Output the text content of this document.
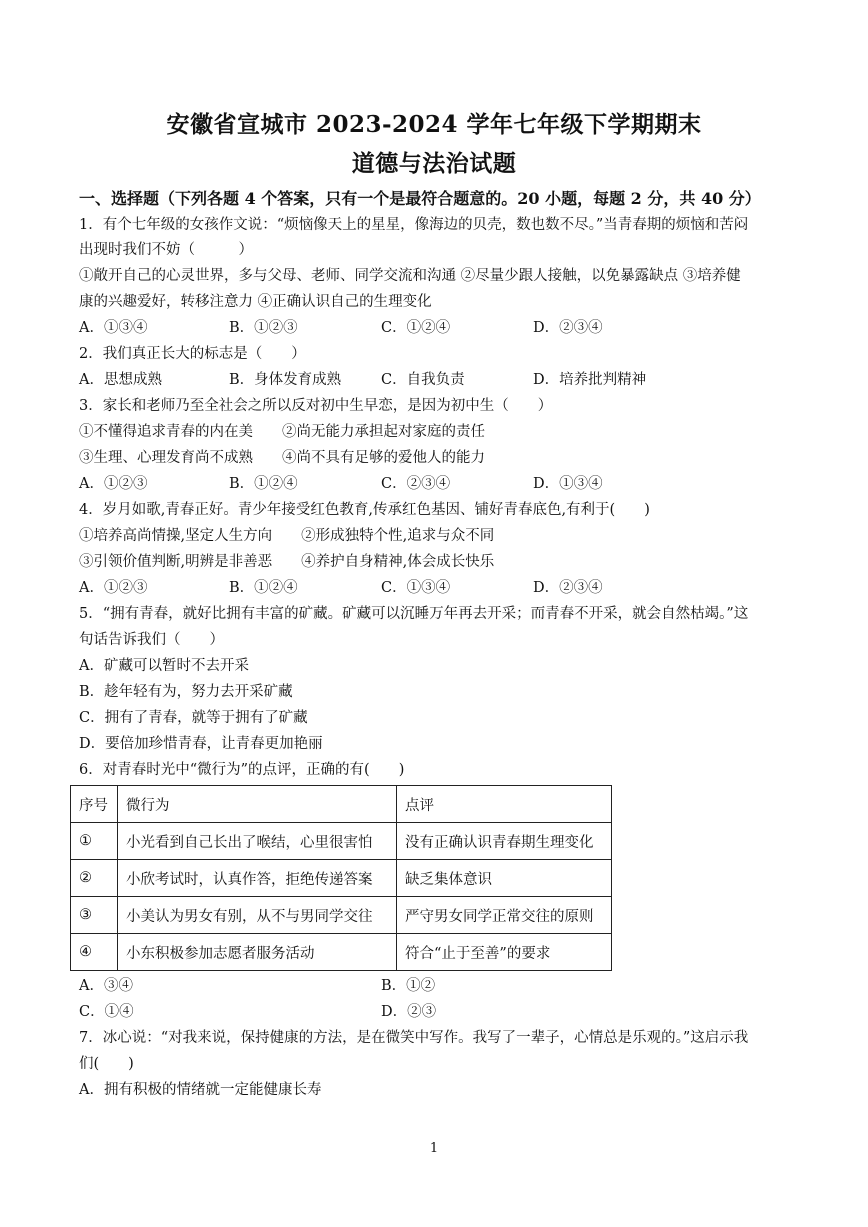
安徽省宣城市 2023-2024 学年七年级下学期期末
道德与法治试题
一、选择题（下列各题 4 个答案，只有一个是最符合题意的。20 小题，每题 2 分，共 40 分）
1．有个七年级的女孩作文说：“烦恼像天上的星星，像海边的贝壳，数也数不尽。”当青春期的烦恼和苦闷
出现时我们不妨（　　　）
①敞开自己的心灵世界，多与父母、老师、同学交流和沟通 ②尽量少跟人接触，以免暴露缺点 ③培养健
康的兴趣爱好，转移注意力 ④正确认识自己的生理变化
A．①③④	B．①②③	C．①②④	D．②③④
2．我们真正长大的标志是（　　）
A．思想成熟	B．身体发育成熟	C．自我负责	D．培养批判精神
3．家长和老师乃至全社会之所以反对初中生早恋，是因为初中生（　　）
①不懂得追求青春的内在美　　②尚无能力承担起对家庭的责任
③生理、心理发育尚不成熟　　④尚不具有足够的爱他人的能力
A．①②③	B．①②④	C．②③④	D．①③④
4．岁月如歌,青春正好。青少年接受红色教育,传承红色基因、铺好青春底色,有利于(　　)
①培养高尚情操,坚定人生方向　　②形成独特个性,追求与众不同
③引领价值判断,明辨是非善恶　　④养护自身精神,体会成长快乐
A．①②③	B．①②④	C．①③④	D．②③④
5．“拥有青春，就好比拥有丰富的矿藏。矿藏可以沉睡万年再去开采；而青春不开采，就会自然枯竭。”这
句话告诉我们（　　）
A．矿藏可以暂时不去开采
B．趁年轻有为，努力去开采矿藏
C．拥有了青春，就等于拥有了矿藏
D．要倍加珍惜青春，让青春更加艳丽
6．对青春时光中“微行为”的点评，正确的有(　　)
序号	微行为	点评
①	小光看到自己长出了喉结，心里很害怕	没有正确认识青春期生理变化
②	小欣考试时，认真作答，拒绝传递答案	缺乏集体意识
③	小美认为男女有别，从不与男同学交往	严守男女同学正常交往的原则
④	小东积极参加志愿者服务活动	符合“止于至善”的要求
A．③④	B．①②
C．①④	D．②③
7．冰心说：“对我来说，保持健康的方法，是在微笑中写作。我写了一辈子，心情总是乐观的。”这启示我
们(　　)
A．拥有积极的情绪就一定能健康长寿
1
